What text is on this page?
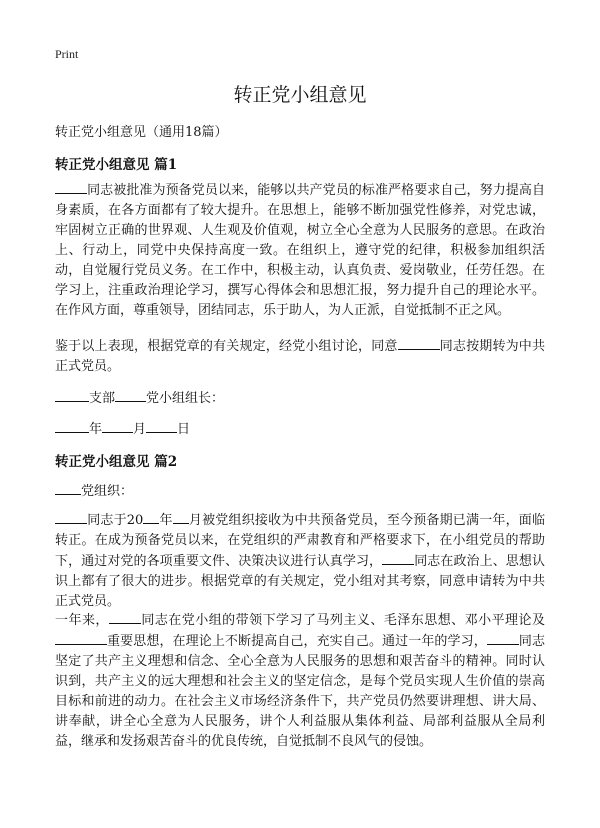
Print
转正党小组意见
转正党小组意见（通用18篇）
转正党小组意见 篇1

同志被批准为预备党员以来，能够以共产党员的标准严格要求自己，努力提高自身素质，在各方面都有了较大提升。在思想上，能够不断加强党性修养，对党忠诚，牢固树立正确的世界观、人生观及价值观，树立全心全意为人民服务的意思。在政治上、行动上，同党中央保持高度一致。在组织上，遵守党的纪律，积极参加组织活动，自觉履行党员义务。在工作中，积极主动，认真负责、爱岗敬业，任劳任怨。在学习上，注重政治理论学习，撰写心得体会和思想汇报，努力提升自己的理论水平。在作风方面，尊重领导，团结同志，乐于助人，为人正派，自觉抵制不正之风。

鉴于以上表现，根据党章的有关规定，经党小组讨论，同意	同志按期转为中共正式党员。

支部 党小组组长：
年 月 日
转正党小组意见 篇2
党组织：

同志于20 年 月被党组织接收为中共预备党员，至今预备期已满一年，面临转正。在成为预备党员以来，在党组织的严肃教育和严格要求下，在小组党员的帮助下，通过对党的各项重要文件、决策决议进行认真学习， 同志在政治上、思想认识上都有了很大的进步。根据党章的有关规定，党小组对其考察，同意申请转为中共正式党员。

一年来， 同志在党小组的带领下学习了马列主义、毛泽东思想、邓小平理论及重要思想，在理论上不断提高自己，充实自己。通过一年的学习， 同志坚定了共产主义理想和信念、全心全意为人民服务的思想和艰苦奋斗的精神。同时认识到，共产主义的远大理想和社会主义的坚定信念，是每个党员实现人生价值的崇高目标和前进的动力。在社会主义市场经济条件下，共产党员仍然要讲理想、讲大局、讲奉献，讲全心全意为人民服务，讲个人利益服从集体利益、局部利益服从全局利益，继承和发扬艰苦奋斗的优良传统，自觉抵制不良风气的侵蚀。
